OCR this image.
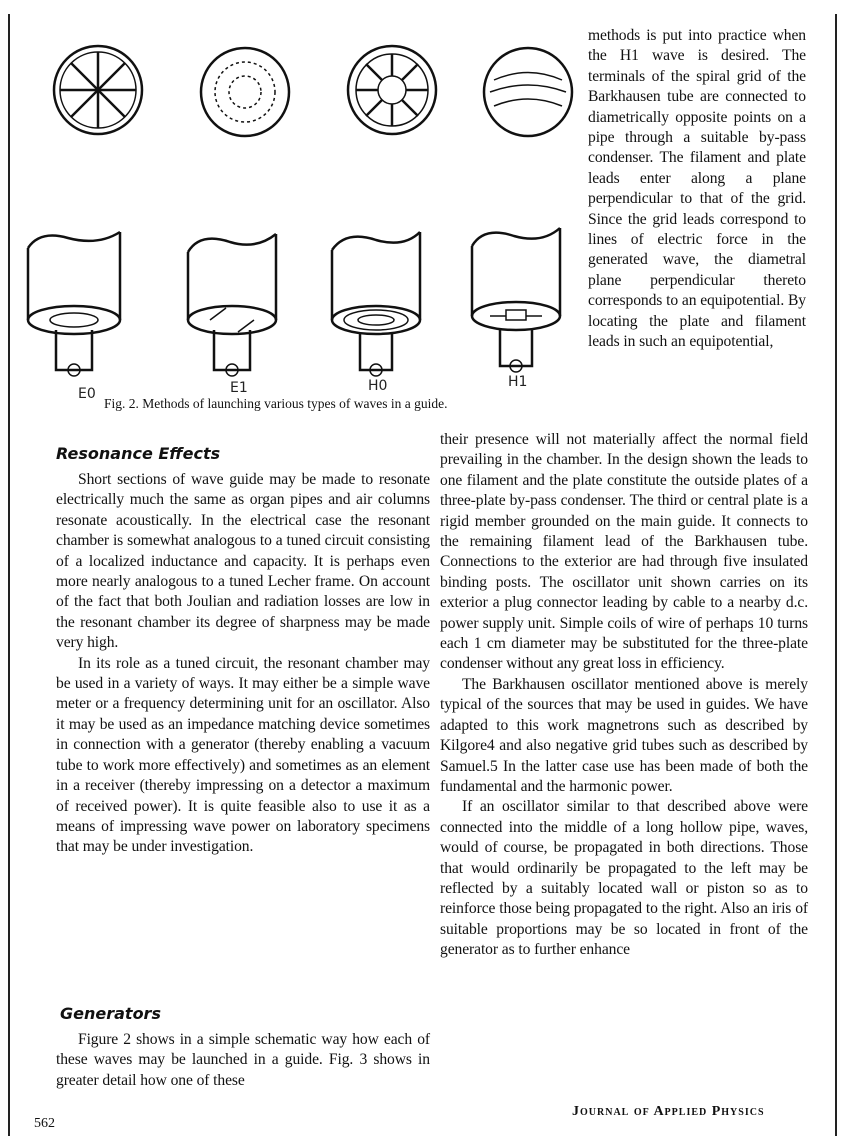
E0	E1	H0	H1
Fig. 2. Methods of launching various types of waves in a guide.

methods is put into practice when the H1 wave is desired. The terminals of the spiral grid of the Barkhausen tube are connected to diametrically opposite points on a pipe through a suitable by-pass condenser. The filament and plate leads enter along a plane perpendicular to that of the grid. Since the grid leads correspond to lines of electric force in the generated wave, the diametral plane perpendicular thereto corresponds to an equipotential. By locating the plate and filament leads in such an equipotential,

Resonance Effects

Short sections of wave guide may be made to resonate electrically much the same as organ pipes and air columns resonate acoustically. In the electrical case the resonant chamber is somewhat analogous to a tuned circuit consisting of a localized inductance and capacity. It is perhaps even more nearly analogous to a tuned Lecher frame. On account of the fact that both Joulian and radiation losses are low in the resonant chamber its degree of sharpness may be made very high.

In its role as a tuned circuit, the resonant chamber may be used in a variety of ways. It may either be a simple wave meter or a frequency determining unit for an oscillator. Also it may be used as an impedance matching device sometimes in connection with a generator (thereby enabling a vacuum tube to work more effectively) and sometimes as an element in a receiver (thereby impressing on a detector a maximum of received power). It is quite feasible also to use it as a means of impressing wave power on laboratory specimens that may be under investigation.

Generators

Figure 2 shows in a simple schematic way how each of these waves may be launched in a guide. Fig. 3 shows in greater detail how one of these

their presence will not materially affect the normal field prevailing in the chamber. In the design shown the leads to one filament and the plate constitute the outside plates of a three-plate by-pass condenser. The third or central plate is a rigid member grounded on the main guide. It connects to the remaining filament lead of the Barkhausen tube. Connections to the exterior are had through five insulated binding posts. The oscillator unit shown carries on its exterior a plug connector leading by cable to a nearby d.c. power supply unit. Simple coils of wire of perhaps 10 turns each 1 cm diameter may be substituted for the three-plate condenser without any great loss in efficiency.

The Barkhausen oscillator mentioned above is merely typical of the sources that may be used in guides. We have adapted to this work magnetrons such as described by Kilgore4 and also negative grid tubes such as described by Samuel.5 In the latter case use has been made of both the fundamental and the harmonic power.

If an oscillator similar to that described above were connected into the middle of a long hollow pipe, waves, would of course, be propagated in both directions. Those that would ordinarily be propagated to the left may be reflected by a suitably located wall or piston so as to reinforce those being propagated to the right. Also an iris of suitable proportions may be so located in front of the generator as to further enhance

Journal of Applied Physics
562
